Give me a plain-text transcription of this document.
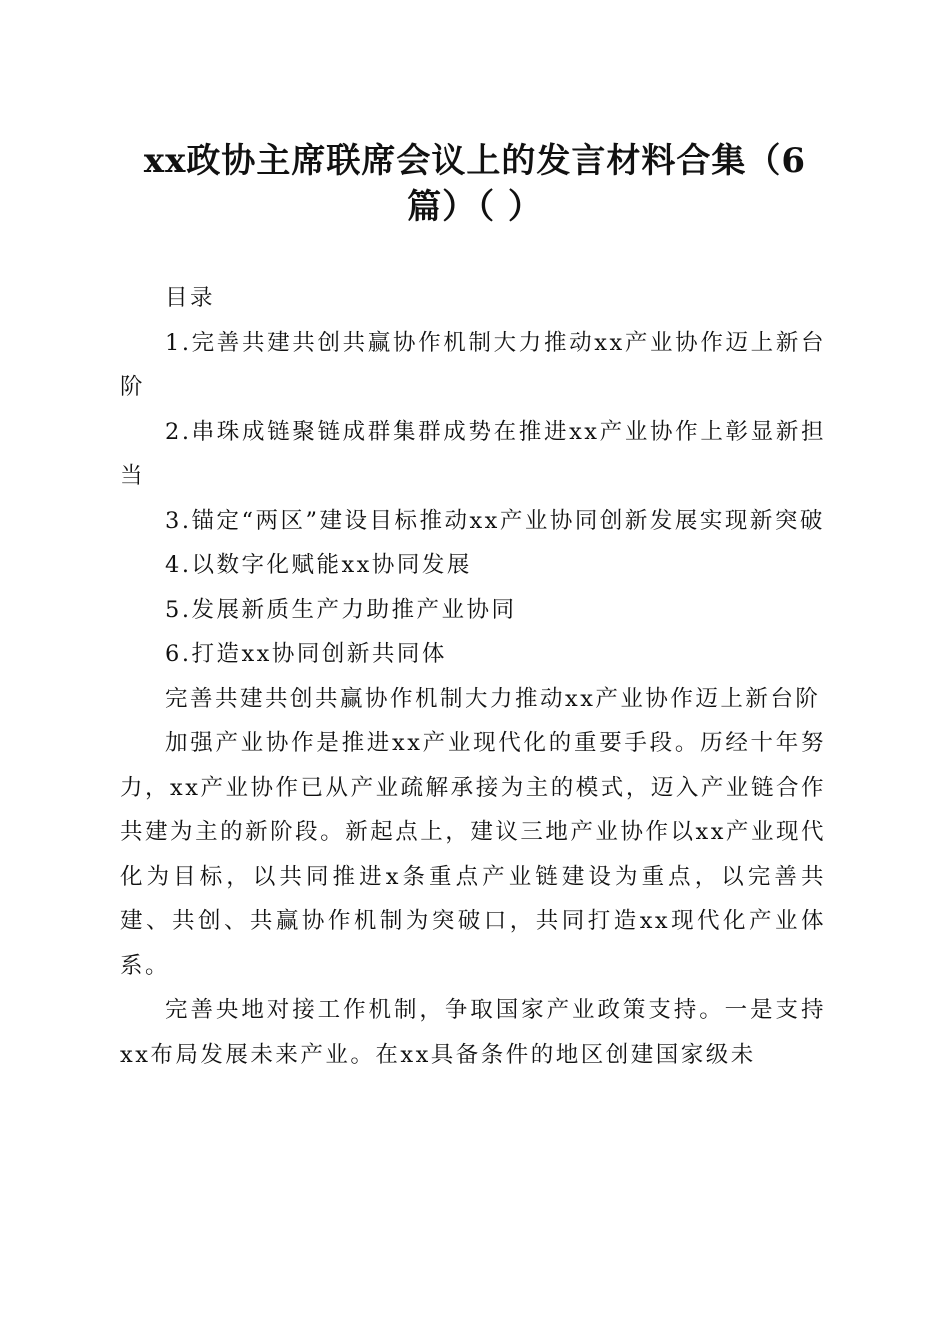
xx政协主席联席会议上的发言材料合集（6篇）（ ）

目录

1.完善共建共创共赢协作机制大力推动xx产业协作迈上新台阶

2.串珠成链聚链成群集群成势在推进xx产业协作上彰显新担当

3.锚定“两区”建设目标推动xx产业协同创新发展实现新突破

4.以数字化赋能xx协同发展

5.发展新质生产力助推产业协同

6.打造xx协同创新共同体

完善共建共创共赢协作机制大力推动xx产业协作迈上新台阶

加强产业协作是推进xx产业现代化的重要手段。历经十年努力，xx产业协作已从产业疏解承接为主的模式，迈入产业链合作共建为主的新阶段。新起点上，建议三地产业协作以xx产业现代化为目标，以共同推进x条重点产业链建设为重点，以完善共建、共创、共赢协作机制为突破口，共同打造xx现代化产业体系。

完善央地对接工作机制，争取国家产业政策支持。一是支持xx布局发展未来产业。在xx具备条件的地区创建国家级未
